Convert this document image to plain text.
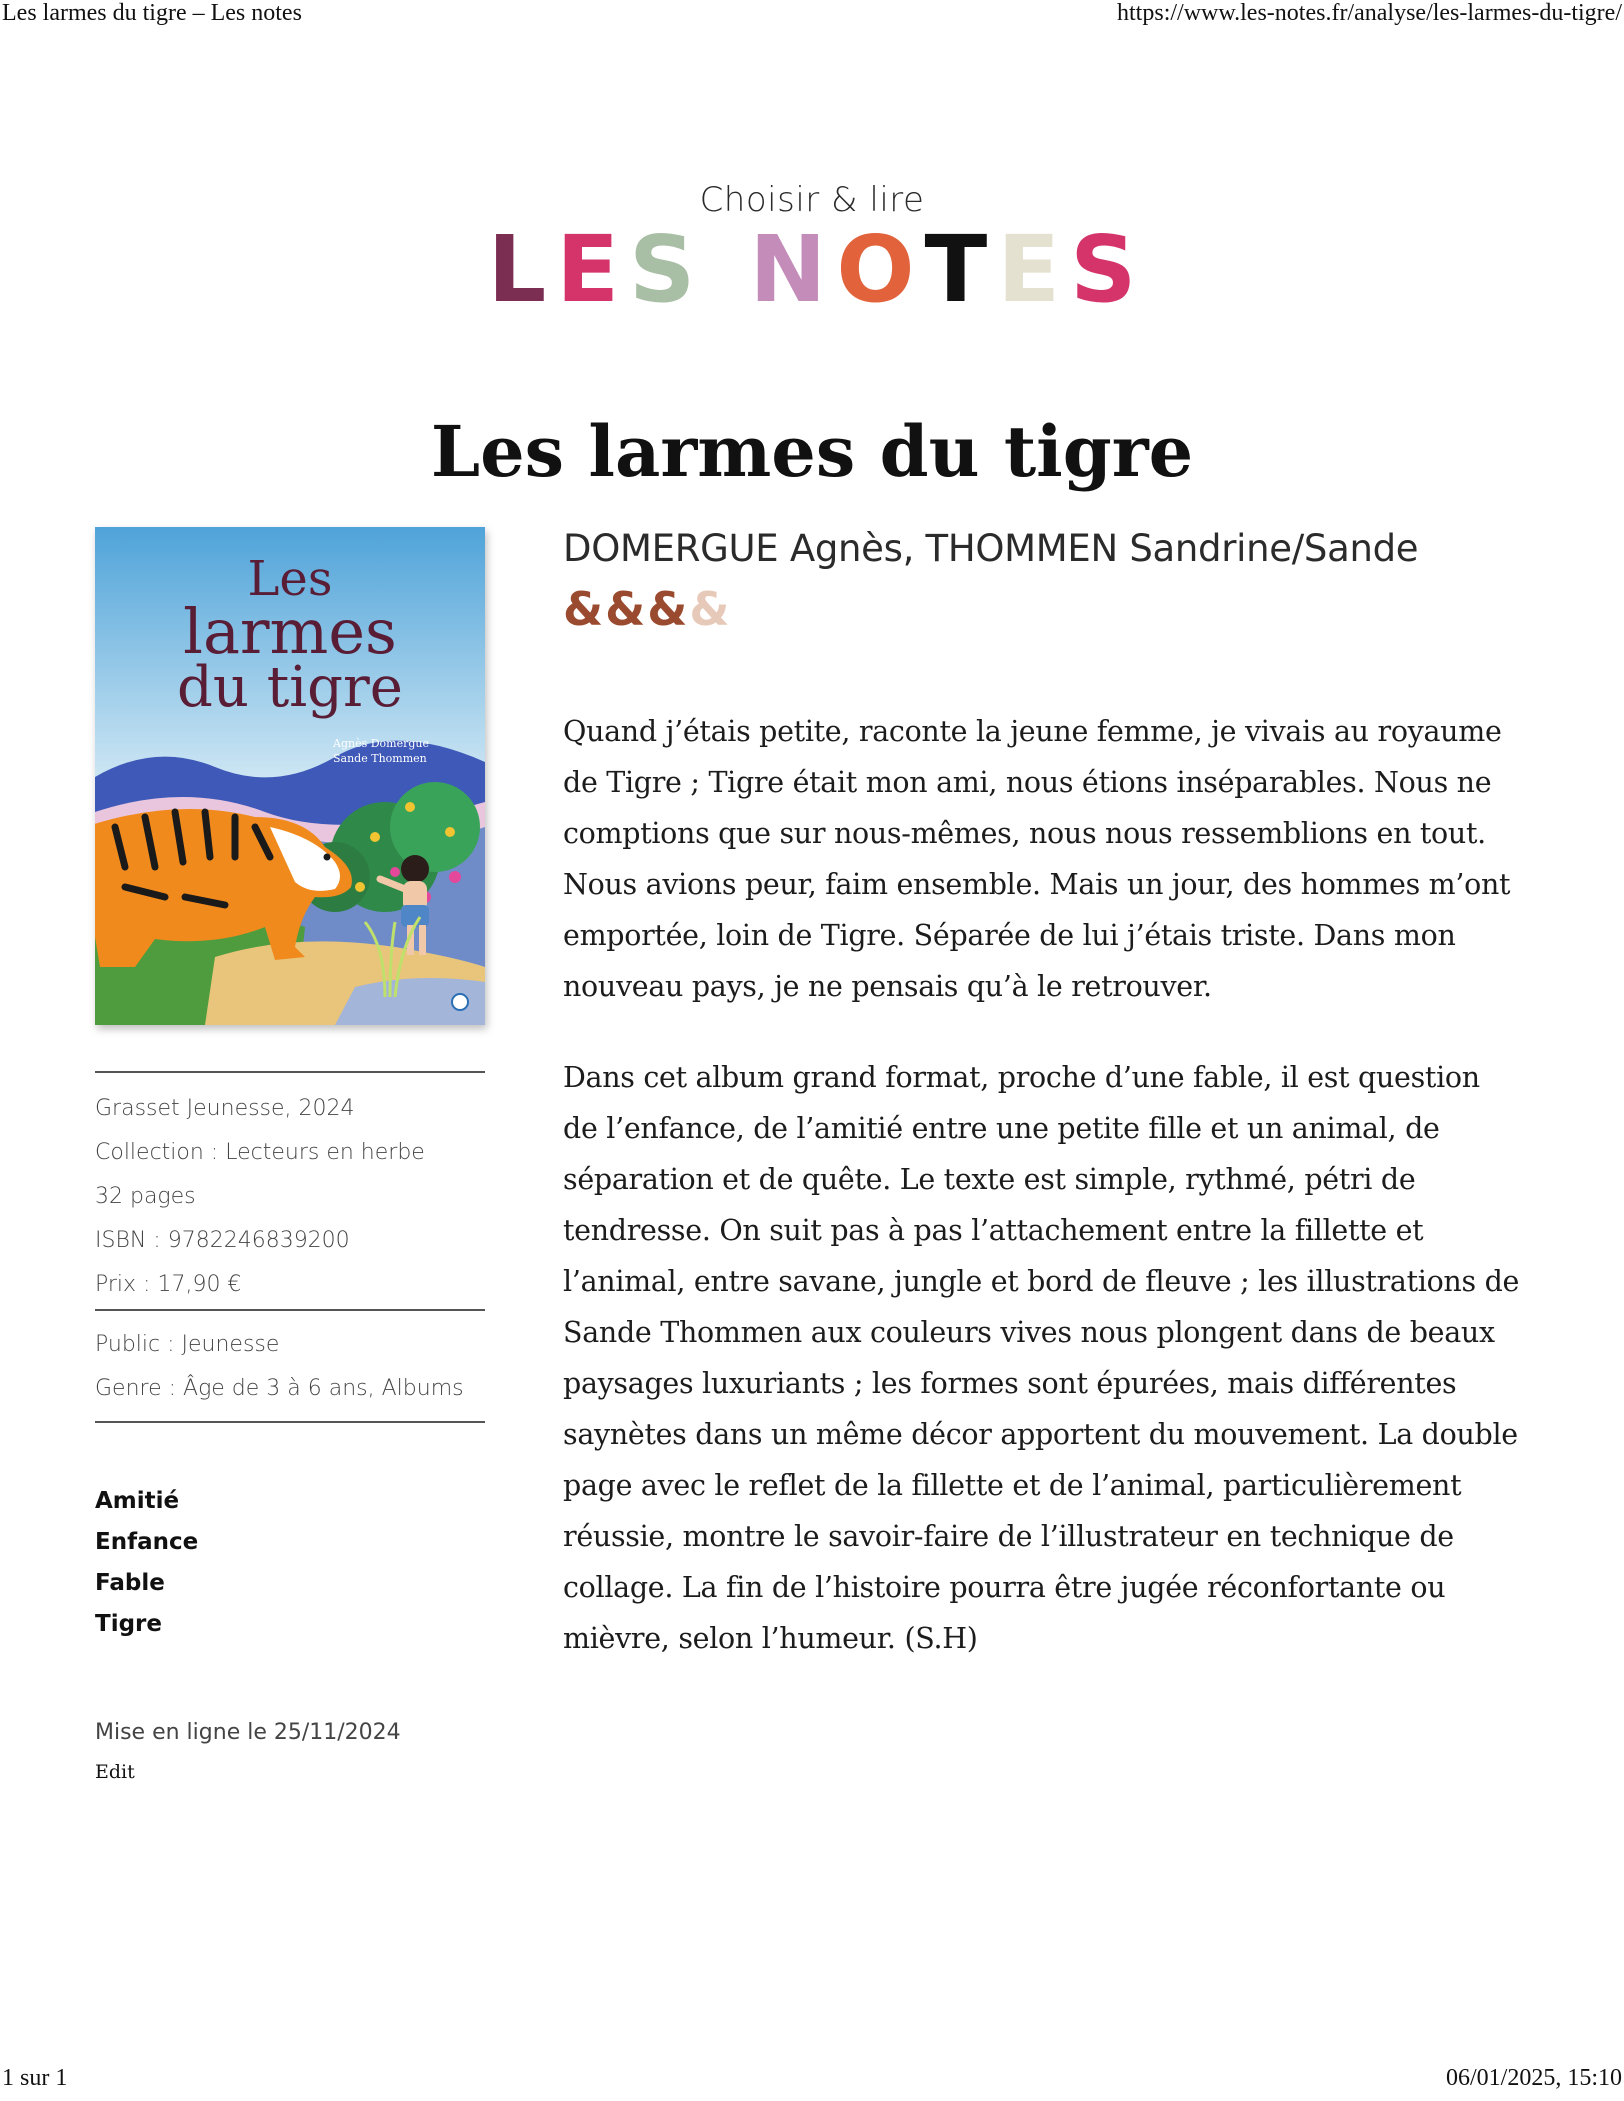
Les larmes du tigre – Les notes	https://www.les-notes.fr/analyse/les-larmes-du-tigre/
Choisir & lire
L E S N O T E S
Les larmes du tigre
Les
larmes
du tigre
Agnès Domergue
Sande Thommen
Grasset Jeunesse, 2024
Collection : Lecteurs en herbe
32 pages
ISBN : 9782246839200
Prix : 17,90 €
Public : Jeunesse
Genre : Âge de 3 à 6 ans, Albums
Amitié
Enfance
Fable
Tigre
Mise en ligne le 25/11/2024
Edit
DOMERGUE Agnès, THOMMEN Sandrine/Sande
& & & &

Quand j’étais petite, raconte la jeune femme, je vivais au royaume de Tigre ; Tigre était mon ami, nous étions inséparables. Nous ne comptions que sur nous-mêmes, nous nous ressemblions en tout. Nous avions peur, faim ensemble. Mais un jour, des hommes m’ont emportée, loin de Tigre. Séparée de lui j’étais triste. Dans mon nouveau pays, je ne pensais qu’à le retrouver.

Dans cet album grand format, proche d’une fable, il est question de l’enfance, de l’amitié entre une petite fille et un animal, de séparation et de quête. Le texte est simple, rythmé, pétri de tendresse. On suit pas à pas l’attachement entre la fillette et l’animal, entre savane, jungle et bord de fleuve ; les illustrations de Sande Thommen aux couleurs vives nous plongent dans de beaux paysages luxuriants ; les formes sont épurées, mais différentes saynètes dans un même décor apportent du mouvement. La double page avec le reflet de la fillette et de l’animal, particulièrement réussie, montre le savoir-faire de l’illustrateur en technique de collage. La fin de l’histoire pourra être jugée réconfortante ou mièvre, selon l’humeur. (S.H)

1 sur 1	06/01/2025, 15:10
